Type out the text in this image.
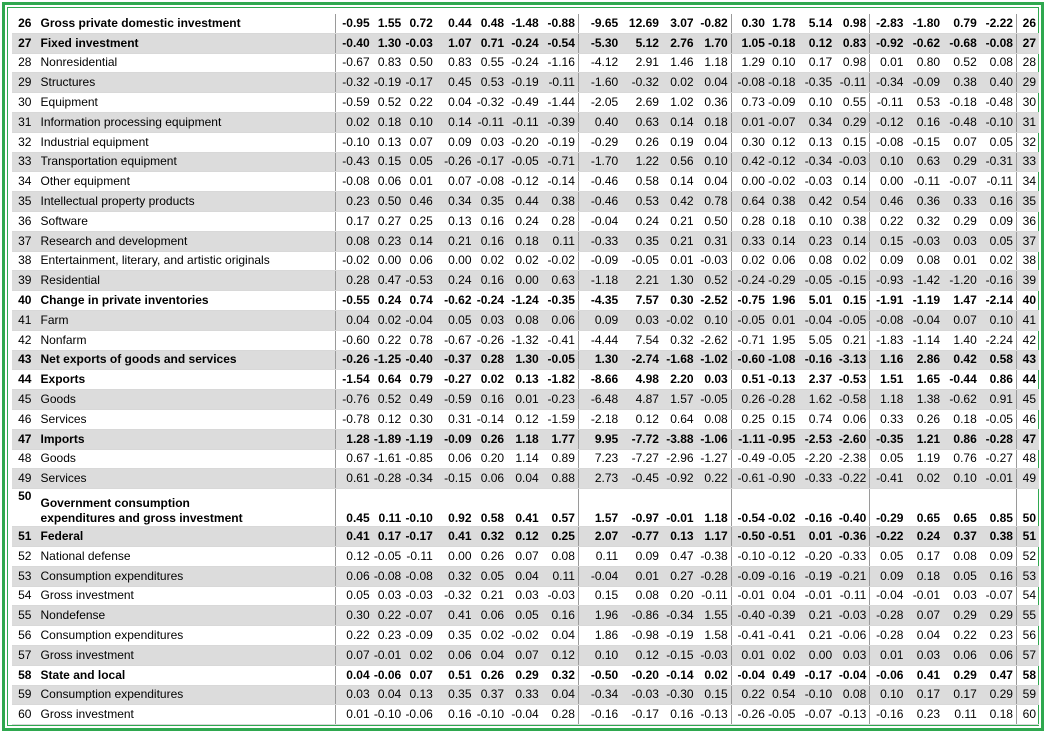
26	Gross private domestic investment	-0.95	1.55	0.72	0.44	0.48	-1.48	-0.88	-9.65	12.69	3.07	-0.82	0.30	1.78	5.14	0.98	-2.83	-1.80	0.79	-2.22	26
27	Fixed investment	-0.40	1.30	-0.03	1.07	0.71	-0.24	-0.54	-5.30	5.12	2.76	1.70	1.05	-0.18	0.12	0.83	-0.92	-0.62	-0.68	-0.08	27
28	Nonresidential	-0.67	0.83	0.50	0.83	0.55	-0.24	-1.16	-4.12	2.91	1.46	1.18	1.29	0.10	0.17	0.98	0.01	0.80	0.52	0.08	28
29	Structures	-0.32	-0.19	-0.17	0.45	0.53	-0.19	-0.11	-1.60	-0.32	0.02	0.04	-0.08	-0.18	-0.35	-0.11	-0.34	-0.09	0.38	0.40	29
30	Equipment	-0.59	0.52	0.22	0.04	-0.32	-0.49	-1.44	-2.05	2.69	1.02	0.36	0.73	-0.09	0.10	0.55	-0.11	0.53	-0.18	-0.48	30
31	Information processing equipment	0.02	0.18	0.10	0.14	-0.11	-0.11	-0.39	0.40	0.63	0.14	0.18	0.01	-0.07	0.34	0.29	-0.12	0.16	-0.48	-0.10	31
32	Industrial equipment	-0.10	0.13	0.07	0.09	0.03	-0.20	-0.19	-0.29	0.26	0.19	0.04	0.30	0.12	0.13	0.15	-0.08	-0.15	0.07	0.05	32
33	Transportation equipment	-0.43	0.15	0.05	-0.26	-0.17	-0.05	-0.71	-1.70	1.22	0.56	0.10	0.42	-0.12	-0.34	-0.03	0.10	0.63	0.29	-0.31	33
34	Other equipment	-0.08	0.06	0.01	0.07	-0.08	-0.12	-0.14	-0.46	0.58	0.14	0.04	0.00	-0.02	-0.03	0.14	0.00	-0.11	-0.07	-0.11	34
35	Intellectual property products	0.23	0.50	0.46	0.34	0.35	0.44	0.38	-0.46	0.53	0.42	0.78	0.64	0.38	0.42	0.54	0.46	0.36	0.33	0.16	35
36	Software	0.17	0.27	0.25	0.13	0.16	0.24	0.28	-0.04	0.24	0.21	0.50	0.28	0.18	0.10	0.38	0.22	0.32	0.29	0.09	36
37	Research and development	0.08	0.23	0.14	0.21	0.16	0.18	0.11	-0.33	0.35	0.21	0.31	0.33	0.14	0.23	0.14	0.15	-0.03	0.03	0.05	37
38	Entertainment, literary, and artistic originals	-0.02	0.00	0.06	0.00	0.02	0.02	-0.02	-0.09	-0.05	0.01	-0.03	0.02	0.06	0.08	0.02	0.09	0.08	0.01	0.02	38
39	Residential	0.28	0.47	-0.53	0.24	0.16	0.00	0.63	-1.18	2.21	1.30	0.52	-0.24	-0.29	-0.05	-0.15	-0.93	-1.42	-1.20	-0.16	39
40	Change in private inventories	-0.55	0.24	0.74	-0.62	-0.24	-1.24	-0.35	-4.35	7.57	0.30	-2.52	-0.75	1.96	5.01	0.15	-1.91	-1.19	1.47	-2.14	40
41	Farm	0.04	0.02	-0.04	0.05	0.03	0.08	0.06	0.09	0.03	-0.02	0.10	-0.05	0.01	-0.04	-0.05	-0.08	-0.04	0.07	0.10	41
42	Nonfarm	-0.60	0.22	0.78	-0.67	-0.26	-1.32	-0.41	-4.44	7.54	0.32	-2.62	-0.71	1.95	5.05	0.21	-1.83	-1.14	1.40	-2.24	42
43	Net exports of goods and services	-0.26	-1.25	-0.40	-0.37	0.28	1.30	-0.05	1.30	-2.74	-1.68	-1.02	-0.60	-1.08	-0.16	-3.13	1.16	2.86	0.42	0.58	43
44	Exports	-1.54	0.64	0.79	-0.27	0.02	0.13	-1.82	-8.66	4.98	2.20	0.03	0.51	-0.13	2.37	-0.53	1.51	1.65	-0.44	0.86	44
45	Goods	-0.76	0.52	0.49	-0.59	0.16	0.01	-0.23	-6.48	4.87	1.57	-0.05	0.26	-0.28	1.62	-0.58	1.18	1.38	-0.62	0.91	45
46	Services	-0.78	0.12	0.30	0.31	-0.14	0.12	-1.59	-2.18	0.12	0.64	0.08	0.25	0.15	0.74	0.06	0.33	0.26	0.18	-0.05	46
47	Imports	1.28	-1.89	-1.19	-0.09	0.26	1.18	1.77	9.95	-7.72	-3.88	-1.06	-1.11	-0.95	-2.53	-2.60	-0.35	1.21	0.86	-0.28	47
48	Goods	0.67	-1.61	-0.85	0.06	0.20	1.14	0.89	7.23	-7.27	-2.96	-1.27	-0.49	-0.05	-2.20	-2.38	0.05	1.19	0.76	-0.27	48
49	Services	0.61	-0.28	-0.34	-0.15	0.06	0.04	0.88	2.73	-0.45	-0.92	0.22	-0.61	-0.90	-0.33	-0.22	-0.41	0.02	0.10	-0.01	49
50	Government consumption
expenditures and gross investment	0.45	0.11	-0.10	0.92	0.58	0.41	0.57	1.57	-0.97	-0.01	1.18	-0.54	-0.02	-0.16	-0.40	-0.29	0.65	0.65	0.85	50
51	Federal	0.41	0.17	-0.17	0.41	0.32	0.12	0.25	2.07	-0.77	0.13	1.17	-0.50	-0.51	0.01	-0.36	-0.22	0.24	0.37	0.38	51
52	National defense	0.12	-0.05	-0.11	0.00	0.26	0.07	0.08	0.11	0.09	0.47	-0.38	-0.10	-0.12	-0.20	-0.33	0.05	0.17	0.08	0.09	52
53	Consumption expenditures	0.06	-0.08	-0.08	0.32	0.05	0.04	0.11	-0.04	0.01	0.27	-0.28	-0.09	-0.16	-0.19	-0.21	0.09	0.18	0.05	0.16	53
54	Gross investment	0.05	0.03	-0.03	-0.32	0.21	0.03	-0.03	0.15	0.08	0.20	-0.11	-0.01	0.04	-0.01	-0.11	-0.04	-0.01	0.03	-0.07	54
55	Nondefense	0.30	0.22	-0.07	0.41	0.06	0.05	0.16	1.96	-0.86	-0.34	1.55	-0.40	-0.39	0.21	-0.03	-0.28	0.07	0.29	0.29	55
56	Consumption expenditures	0.22	0.23	-0.09	0.35	0.02	-0.02	0.04	1.86	-0.98	-0.19	1.58	-0.41	-0.41	0.21	-0.06	-0.28	0.04	0.22	0.23	56
57	Gross investment	0.07	-0.01	0.02	0.06	0.04	0.07	0.12	0.10	0.12	-0.15	-0.03	0.01	0.02	0.00	0.03	0.01	0.03	0.06	0.06	57
58	State and local	0.04	-0.06	0.07	0.51	0.26	0.29	0.32	-0.50	-0.20	-0.14	0.02	-0.04	0.49	-0.17	-0.04	-0.06	0.41	0.29	0.47	58
59	Consumption expenditures	0.03	0.04	0.13	0.35	0.37	0.33	0.04	-0.34	-0.03	-0.30	0.15	0.22	0.54	-0.10	0.08	0.10	0.17	0.17	0.29	59
60	Gross investment	0.01	-0.10	-0.06	0.16	-0.10	-0.04	0.28	-0.16	-0.17	0.16	-0.13	-0.26	-0.05	-0.07	-0.13	-0.16	0.23	0.11	0.18	60
